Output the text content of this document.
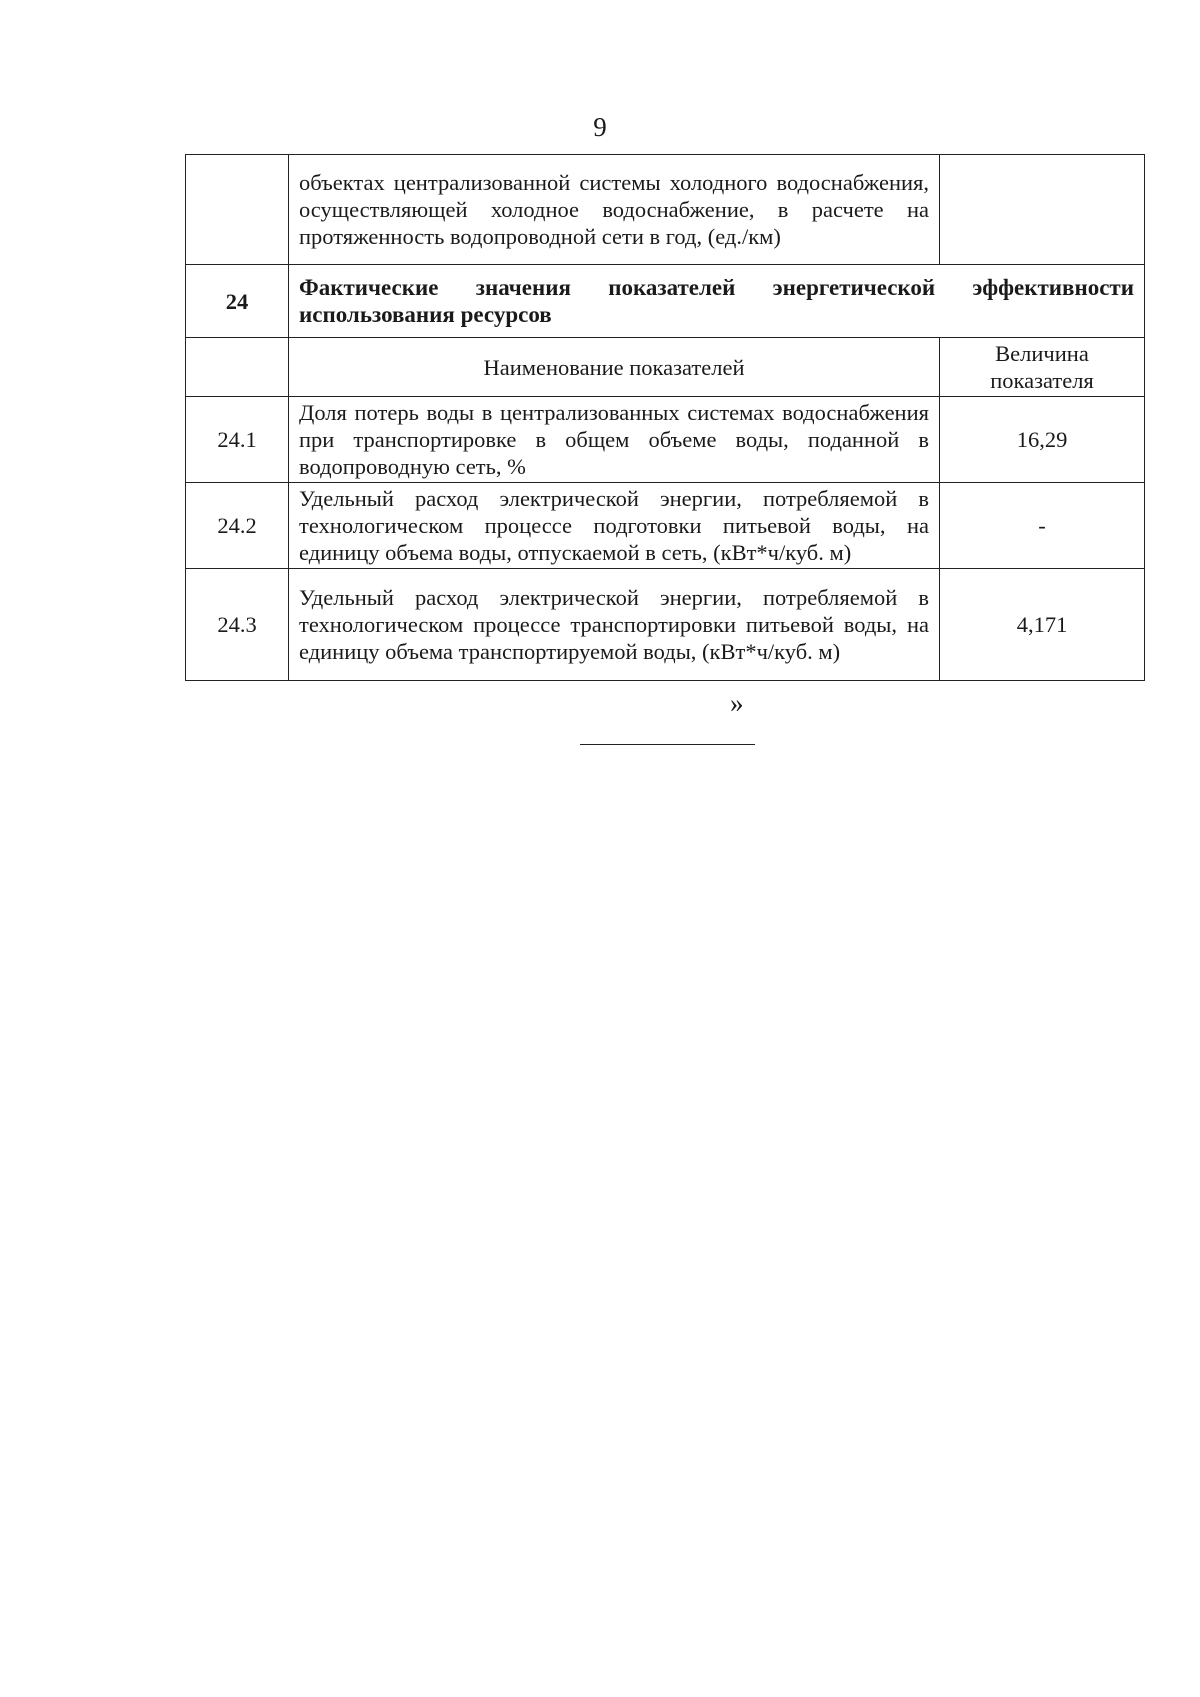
9
	объектах централизованной системы холодного водоснабжения, осуществляющей холодное водоснабжение, в расчете на протяженность водопроводной сети в год, (ед./км)	
24	Фактические значения показателей энергетической эффективности использования ресурсов	
	Наименование показателей	Величина показателя
24.1	Доля потерь воды в централизованных системах водоснабжения при транспортировке в общем объеме воды, поданной в водопроводную сеть, %	16,29
24.2	Удельный расход электрической энергии, потребляемой в технологическом процессе подготовки питьевой воды, на единицу объема воды, отпускаемой в сеть, (кВт*ч/куб. м)	-
24.3	Удельный расход электрической энергии, потребляемой в технологическом процессе транспортировки питьевой воды, на единицу объема транспортируемой воды, (кВт*ч/куб. м)	4,171
»
